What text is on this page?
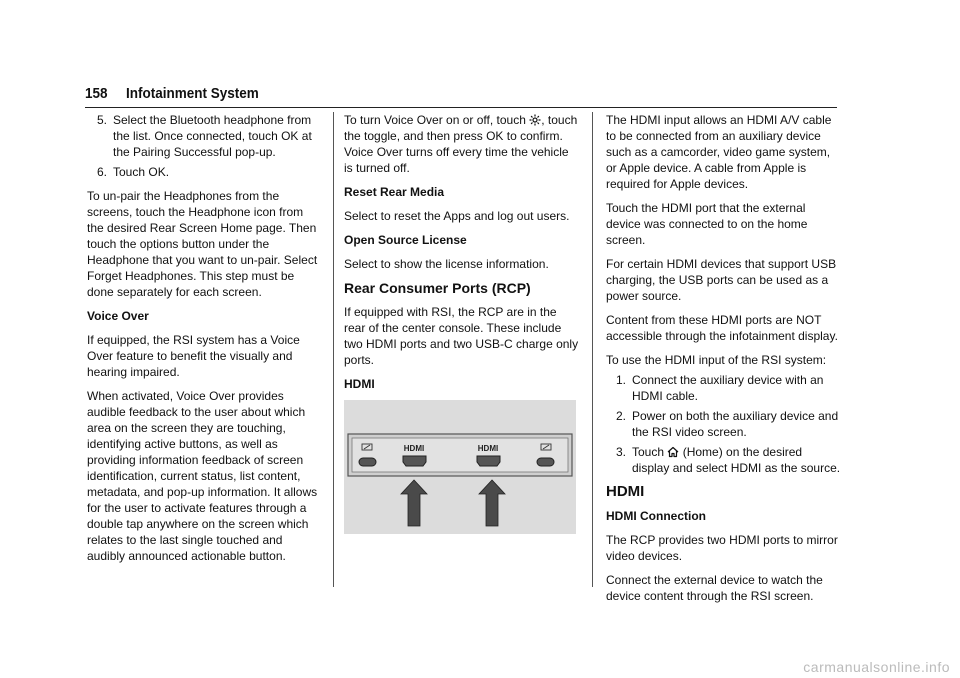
158 Infotainment System
5. Select the Bluetooth headphone from the list. Once connected, touch OK at the Pairing Successful pop-up.
6. Touch OK.

To un-pair the Headphones from the screens, touch the Headphone icon from the desired Rear Screen Home page. Then touch the options button under the Headphone that you want to un-pair. Select Forget Headphones. This step must be done separately for each screen.

Voice Over

If equipped, the RSI system has a Voice Over feature to benefit the visually and hearing impaired.

When activated, Voice Over provides audible feedback to the user about which area on the screen they are touching, identifying active buttons, as well as providing information feedback of screen identification, current status, list content, metadata, and pop-up information. It allows for the user to activate features through a double tap anywhere on the screen which relates to the last single touched and audibly announced actionable button.

To turn Voice Over on or off, touch , touch the toggle, and then press OK to confirm. Voice Over turns off every time the vehicle is turned off.

Reset Rear Media

Select to reset the Apps and log out users.

Open Source License

Select to show the license information.

Rear Consumer Ports (RCP)

If equipped with RSI, the RCP are in the rear of the center console. These include two HDMI ports and two USB-C charge only ports.

HDMI
HDMI	HDMI

The HDMI input allows an HDMI A/V cable to be connected from an auxiliary device such as a camcorder, video game system, or Apple device. A cable from Apple is required for Apple devices.

Touch the HDMI port that the external device was connected to on the home screen.

For certain HDMI devices that support USB charging, the USB ports can be used as a power source.

Content from these HDMI ports are NOT accessible through the infotainment display.

To use the HDMI input of the RSI system:

1. Connect the auxiliary device with an HDMI cable.
2. Power on both the auxiliary device and the RSI video screen.
3. Touch  (Home) on the desired display and select HDMI as the source.
HDMI
HDMI Connection

The RCP provides two HDMI ports to mirror video devices.

Connect the external device to watch the device content through the RSI screen.

carmanualsonline.info
